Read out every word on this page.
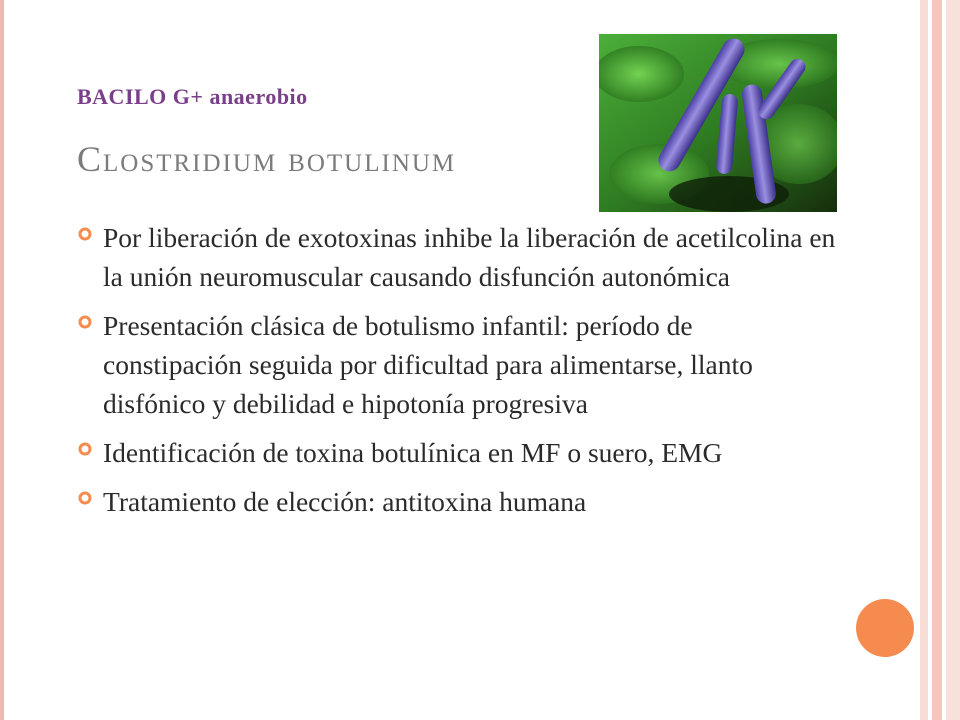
BACILO G+ anaerobio
Clostridium botulinum
Por liberación de exotoxinas inhibe la liberación de acetilcolina en la unión neuromuscular causando disfunción autonómica
Presentación clásica de botulismo infantil: período de constipación seguida por dificultad para alimentarse, llanto disfónico y debilidad e hipotonía progresiva
Identificación de toxina botulínica en MF o suero, EMG
Tratamiento de elección: antitoxina humana
